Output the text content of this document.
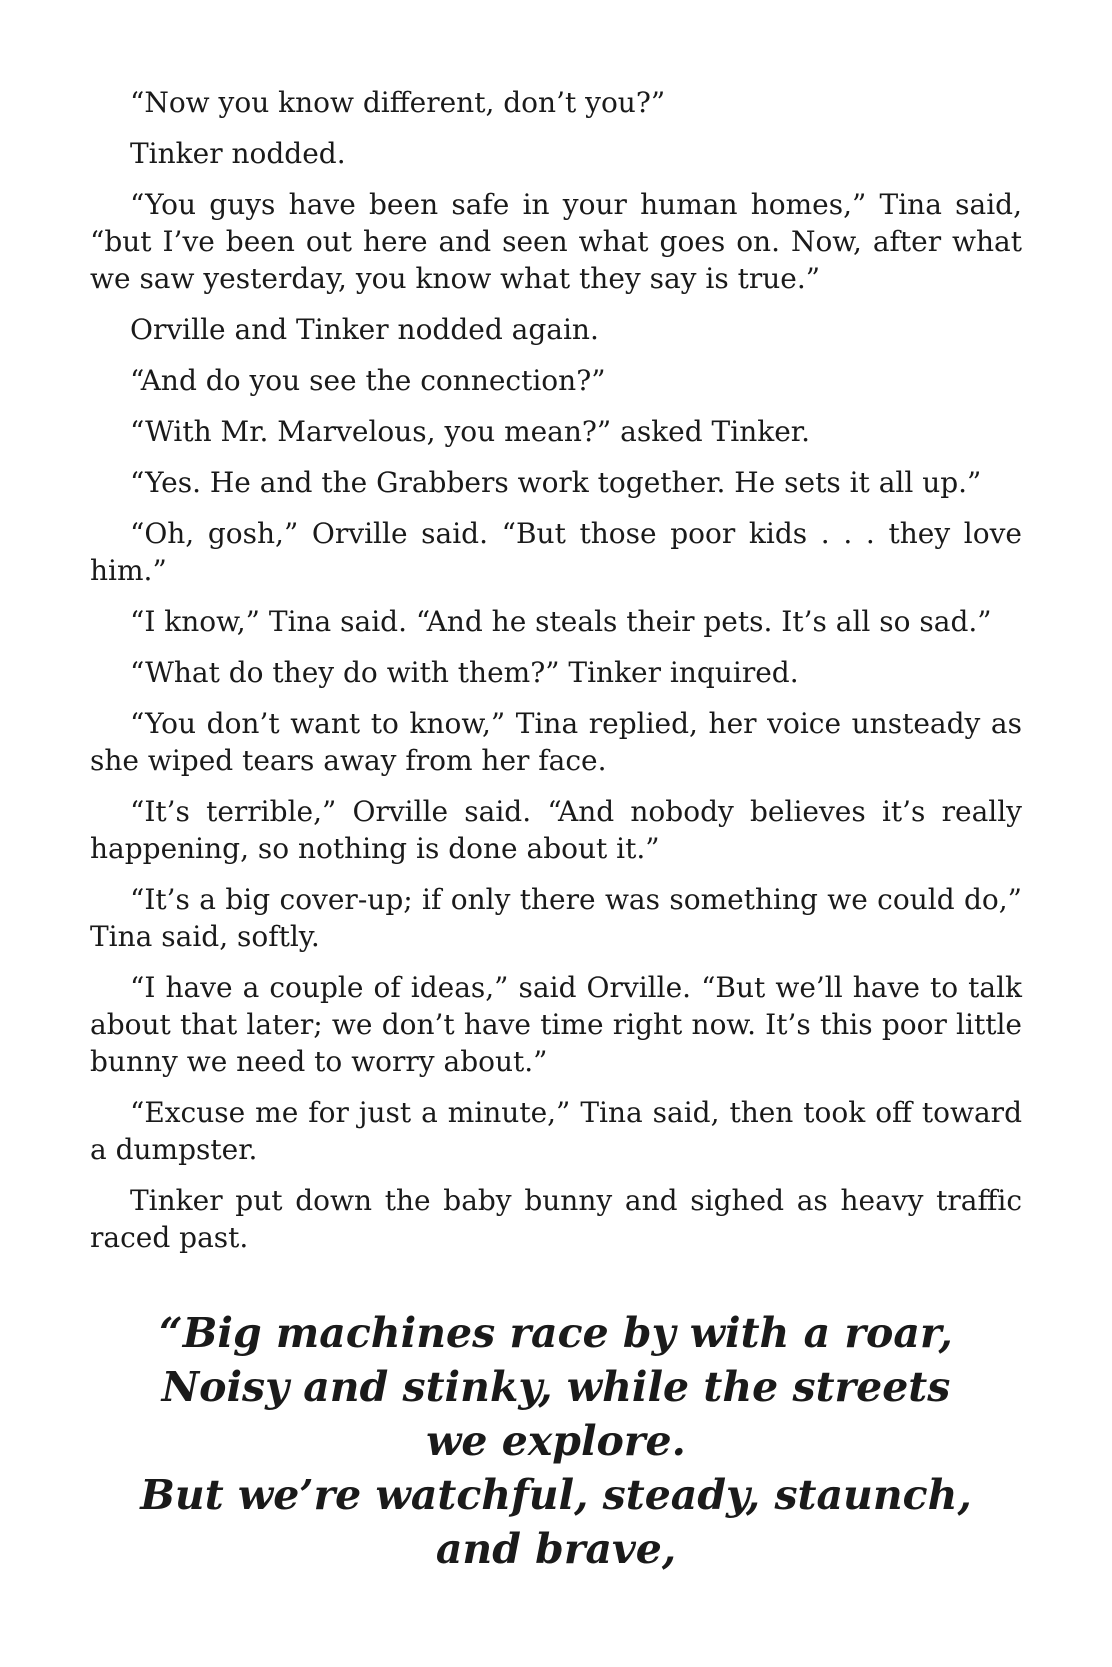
“Now you know different, don’t you?”

Tinker nodded.

“You guys have been safe in your human homes,” Tina said, “but I’ve been out here and seen what goes on. Now, after what we saw yesterday, you know what they say is true.”

Orville and Tinker nodded again.

“And do you see the connection?”

“With Mr. Marvelous, you mean?” asked Tinker.

“Yes. He and the Grabbers work together. He sets it all up.”

“Oh, gosh,” Orville said. “But those poor kids . . . they love him.”

“I know,” Tina said. “And he steals their pets. It’s all so sad.”

“What do they do with them?” Tinker inquired.

“You don’t want to know,” Tina replied, her voice unsteady as she wiped tears away from her face.

“It’s terrible,” Orville said. “And nobody believes it’s really happening, so nothing is done about it.”

“It’s a big cover-up; if only there was something we could do,” Tina said, softly.

“I have a couple of ideas,” said Orville. “But we’ll have to talk about that later; we don’t have time right now. It’s this poor little bunny we need to worry about.”

“Excuse me for just a minute,” Tina said, then took off toward a dumpster.

Tinker put down the baby bunny and sighed as heavy traffic raced past.

“Big machines race by with a roar,
Noisy and stinky, while the streets we explore.
But we’re watchful, steady, staunch, and brave,
